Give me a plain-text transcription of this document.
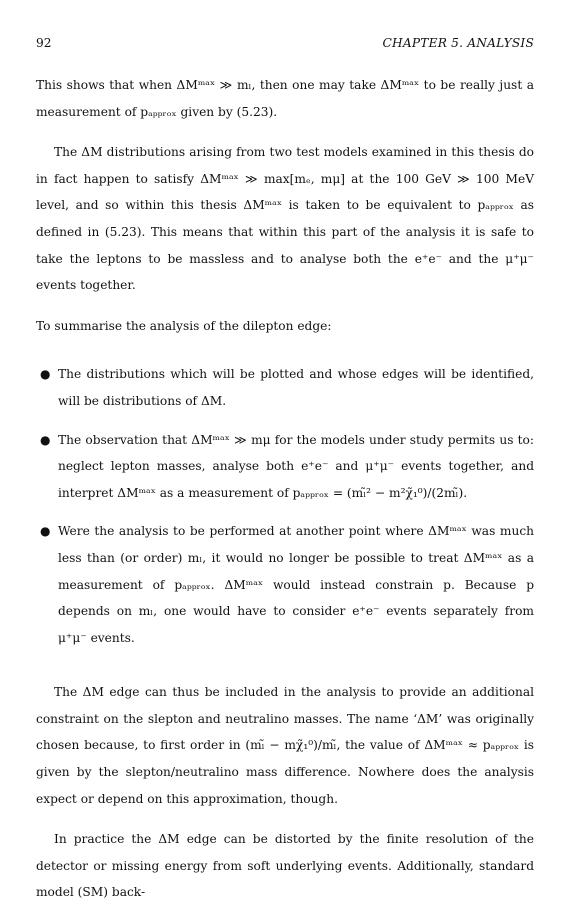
92	CHAPTER 5. ANALYSIS

This shows that when ΔMᵐᵃˣ ≫ mₗ, then one may take ΔMᵐᵃˣ to be really just a measurement of pₐₚₚᵣₒₓ given by (5.23).

The ΔM distributions arising from two test models examined in this thesis do in fact happen to satisfy ΔMᵐᵃˣ ≫ max[mₑ, mμ] at the 100 GeV ≫ 100 MeV level, and so within this thesis ΔMᵐᵃˣ is taken to be equivalent to pₐₚₚᵣₒₓ as defined in (5.23). This means that within this part of the analysis it is safe to take the leptons to be massless and to analyse both the e⁺e⁻ and the μ⁺μ⁻ events together.

To summarise the analysis of the dilepton edge:

● The distributions which will be plotted and whose edges will be identified, will be distributions of ΔM.
● The observation that ΔMᵐᵃˣ ≫ mμ for the models under study permits us to: neglect lepton masses, analyse both e⁺e⁻ and μ⁺μ⁻ events together, and interpret ΔMᵐᵃˣ as a measurement of pₐₚₚᵣₒₓ = (mₗ̃² − m²χ̃₁⁰)/(2mₗ̃).
● Were the analysis to be performed at another point where ΔMᵐᵃˣ was much less than (or order) mₗ, it would no longer be possible to treat ΔMᵐᵃˣ as a measurement of pₐₚₚᵣₒₓ. ΔMᵐᵃˣ would instead constrain p. Because p depends on mₗ, one would have to consider e⁺e⁻ events separately from μ⁺μ⁻ events.

The ΔM edge can thus be included in the analysis to provide an additional constraint on the slepton and neutralino masses. The name ‘ΔM’ was originally chosen because, to first order in (mₗ̃ − mχ̃₁⁰)/mₗ̃, the value of ΔMᵐᵃˣ ≈ pₐₚₚᵣₒₓ is given by the slepton/neutralino mass difference. Nowhere does the analysis expect or depend on this approximation, though.

In practice the ΔM edge can be distorted by the finite resolution of the detector or missing energy from soft underlying events. Additionally, standard model (SM) back-
